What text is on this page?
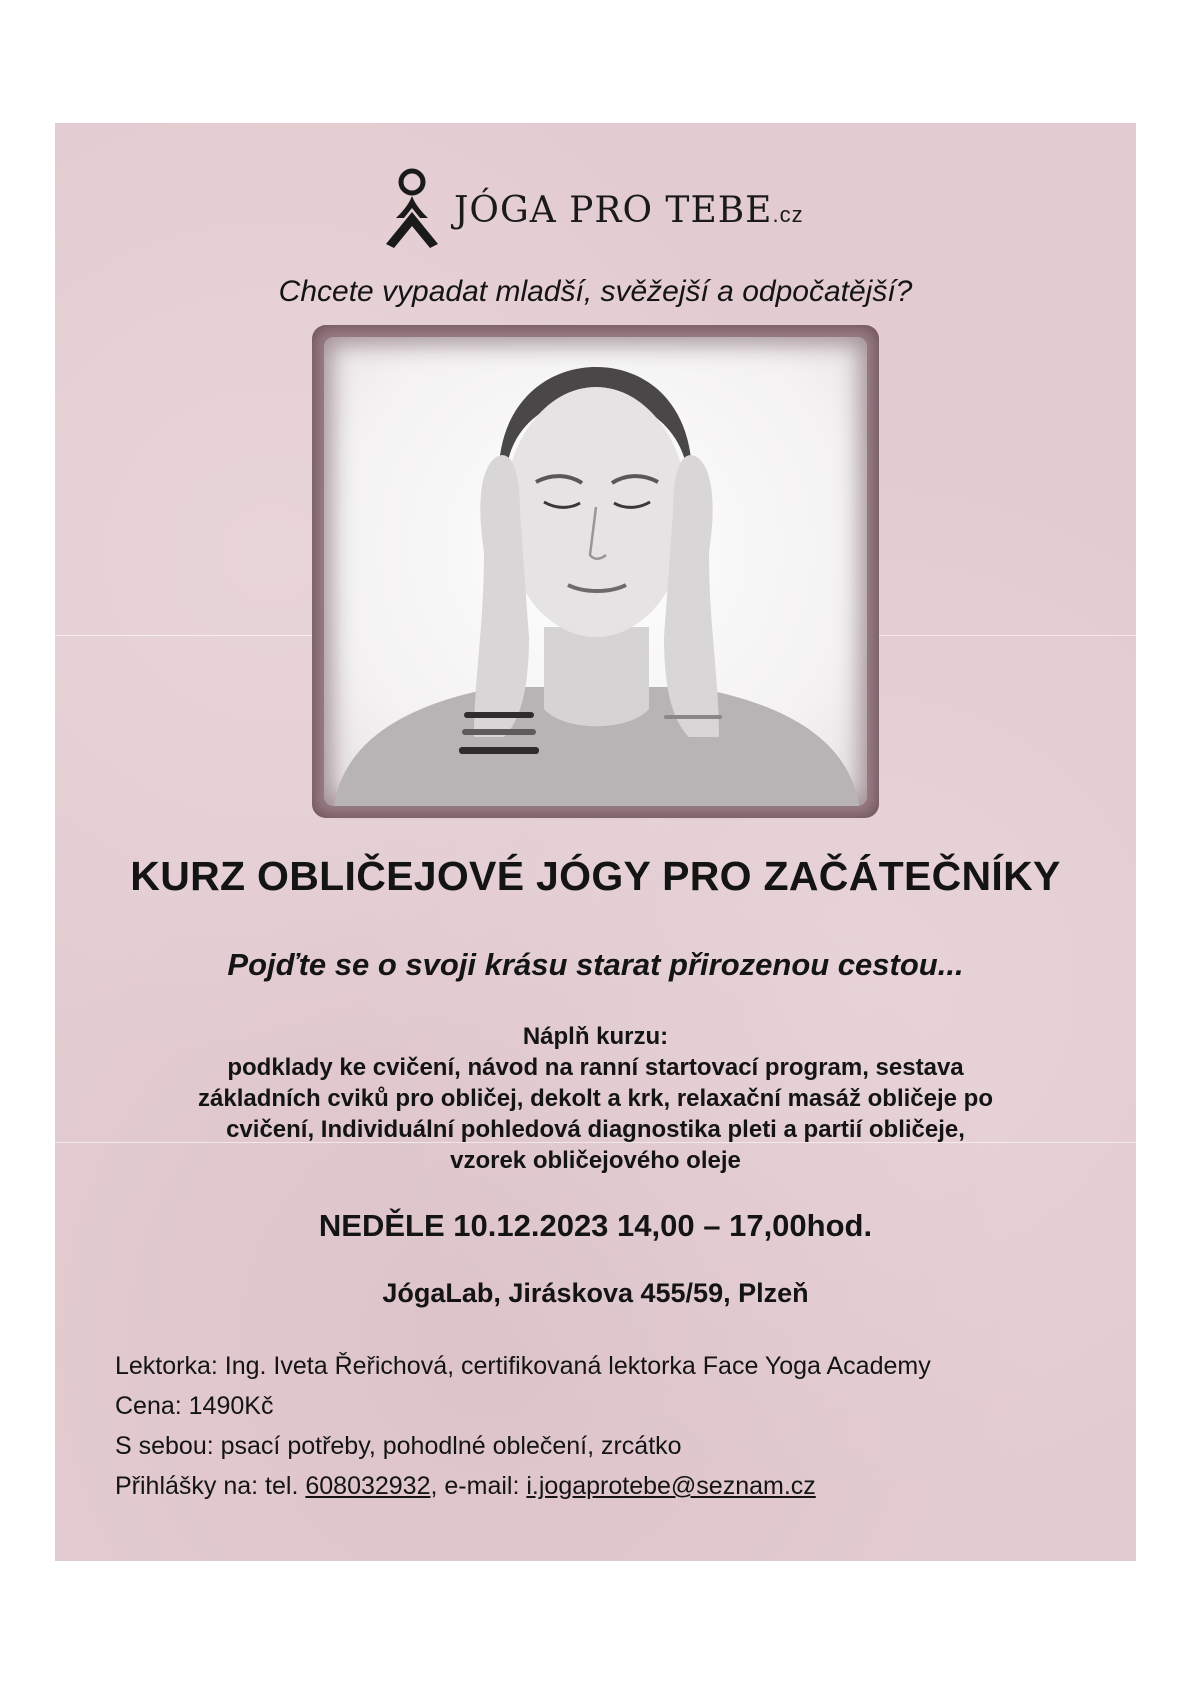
JÓGA PRO TEBE.cz
Chcete vypadat mladší, svěžejší a odpočatější?
KURZ OBLIČEJOVÉ JÓGY PRO ZAČÁTEČNÍKY
Pojďte se o svoji krásu starat přirozenou cestou...
Náplň kurzu:
podklady ke cvičení, návod na ranní startovací program, sestava
základních cviků pro obličej, dekolt a krk, relaxační masáž obličeje po
cvičení, Individuální pohledová diagnostika pleti a partií obličeje,
vzorek obličejového oleje
NEDĚLE 10.12.2023 14,00 – 17,00hod.
JógaLab, Jiráskova 455/59, Plzeň
Lektorka: Ing. Iveta Řeřichová, certifikovaná lektorka Face Yoga Academy
Cena: 1490Kč
S sebou: psací potřeby, pohodlné oblečení, zrcátko
Přihlášky na: tel. 608032932, e-mail: i.jogaprotebe@seznam.cz
